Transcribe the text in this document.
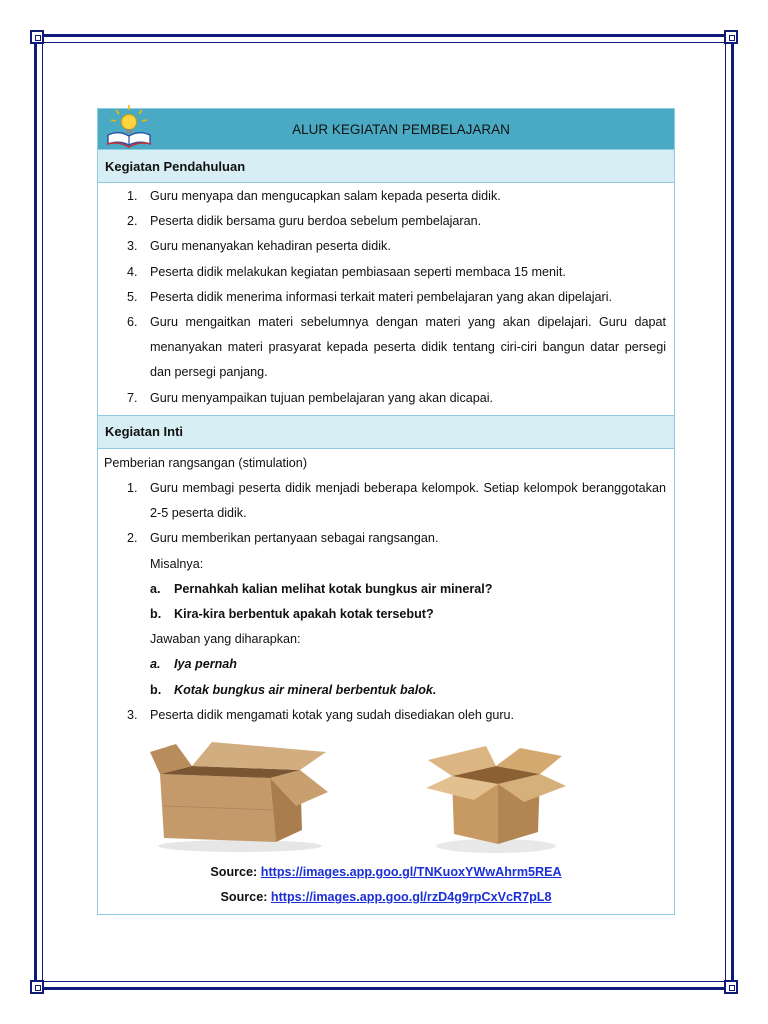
ALUR KEGIATAN PEMBELAJARAN
Kegiatan Pendahuluan
1. Guru menyapa dan mengucapkan salam kepada peserta didik.
2. Peserta didik bersama guru berdoa sebelum pembelajaran.
3. Guru menanyakan kehadiran peserta didik.
4. Peserta didik melakukan kegiatan pembiasaan seperti membaca 15 menit.
5. Peserta didik menerima informasi terkait materi pembelajaran yang akan dipelajari.
6. Guru mengaitkan materi sebelumnya dengan materi yang akan dipelajari. Guru dapat menanyakan materi prasyarat kepada peserta didik tentang ciri-ciri bangun datar persegi dan persegi panjang.
7. Guru menyampaikan tujuan pembelajaran yang akan dicapai.
Kegiatan Inti
Pemberian rangsangan (stimulation)
1. Guru membagi peserta didik menjadi beberapa kelompok. Setiap kelompok beranggotakan 2-5 peserta didik.
2. Guru memberikan pertanyaan sebagai rangsangan.
Misalnya:
a. Pernahkah kalian melihat kotak bungkus air mineral?
b. Kira-kira berbentuk apakah kotak tersebut?
Jawaban yang diharapkan:
a. Iya pernah
b. Kotak bungkus air mineral berbentuk balok.
3. Peserta didik mengamati kotak yang sudah disediakan oleh guru.
Source: https://images.app.goo.gl/TNKuoxYWwAhrm5REA
Source: https://images.app.goo.gl/rzD4g9rpCxVcR7pL8
